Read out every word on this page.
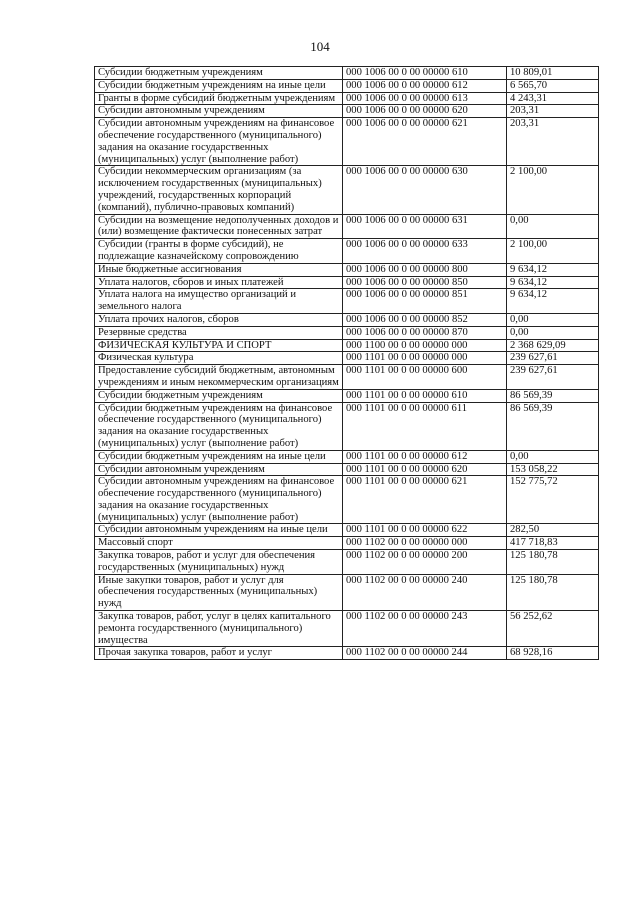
104
Субсидии бюджетным учреждениям	000 1006 00 0 00 00000 610	10 809,01
Субсидии бюджетным учреждениям на иные цели	000 1006 00 0 00 00000 612	6 565,70
Гранты в форме субсидий бюджетным учреждениям	000 1006 00 0 00 00000 613	4 243,31
Субсидии автономным учреждениям	000 1006 00 0 00 00000 620	203,31
Субсидии автономным учреждениям на финансовое обеспечение государственного (муниципального) задания на оказание государственных (муниципальных) услуг (выполнение работ)	000 1006 00 0 00 00000 621	203,31
Субсидии некоммерческим организациям (за исключением государственных (муниципальных) учреждений, государственных корпораций (компаний), публично-правовых компаний)	000 1006 00 0 00 00000 630	2 100,00
Субсидии на возмещение недополученных доходов и (или) возмещение фактически понесенных затрат	000 1006 00 0 00 00000 631	0,00
Субсидии (гранты в форме субсидий), не подлежащие казначейскому сопровождению	000 1006 00 0 00 00000 633	2 100,00
Иные бюджетные ассигнования	000 1006 00 0 00 00000 800	9 634,12
Уплата налогов, сборов и иных платежей	000 1006 00 0 00 00000 850	9 634,12
Уплата налога на имущество организаций и земельного налога	000 1006 00 0 00 00000 851	9 634,12
Уплата прочих налогов, сборов	000 1006 00 0 00 00000 852	0,00
Резервные средства	000 1006 00 0 00 00000 870	0,00
ФИЗИЧЕСКАЯ КУЛЬТУРА И СПОРТ	000 1100 00 0 00 00000 000	2 368 629,09
Физическая культура	000 1101 00 0 00 00000 000	239 627,61
Предоставление субсидий бюджетным, автономным учреждениям и иным некоммерческим организациям	000 1101 00 0 00 00000 600	239 627,61
Субсидии бюджетным учреждениям	000 1101 00 0 00 00000 610	86 569,39
Субсидии бюджетным учреждениям на финансовое обеспечение государственного (муниципального) задания на оказание государственных (муниципальных) услуг (выполнение работ)	000 1101 00 0 00 00000 611	86 569,39
Субсидии бюджетным учреждениям на иные цели	000 1101 00 0 00 00000 612	0,00
Субсидии автономным учреждениям	000 1101 00 0 00 00000 620	153 058,22
Субсидии автономным учреждениям на финансовое обеспечение государственного (муниципального) задания на оказание государственных (муниципальных) услуг (выполнение работ)	000 1101 00 0 00 00000 621	152 775,72
Субсидии автономным учреждениям на иные цели	000 1101 00 0 00 00000 622	282,50
Массовый спорт	000 1102 00 0 00 00000 000	417 718,83
Закупка товаров, работ и услуг для обеспечения государственных (муниципальных) нужд	000 1102 00 0 00 00000 200	125 180,78
Иные закупки товаров, работ и услуг для обеспечения государственных (муниципальных) нужд	000 1102 00 0 00 00000 240	125 180,78
Закупка товаров, работ, услуг в целях капитального ремонта государственного (муниципального) имущества	000 1102 00 0 00 00000 243	56 252,62
Прочая закупка товаров, работ и услуг	000 1102 00 0 00 00000 244	68 928,16
